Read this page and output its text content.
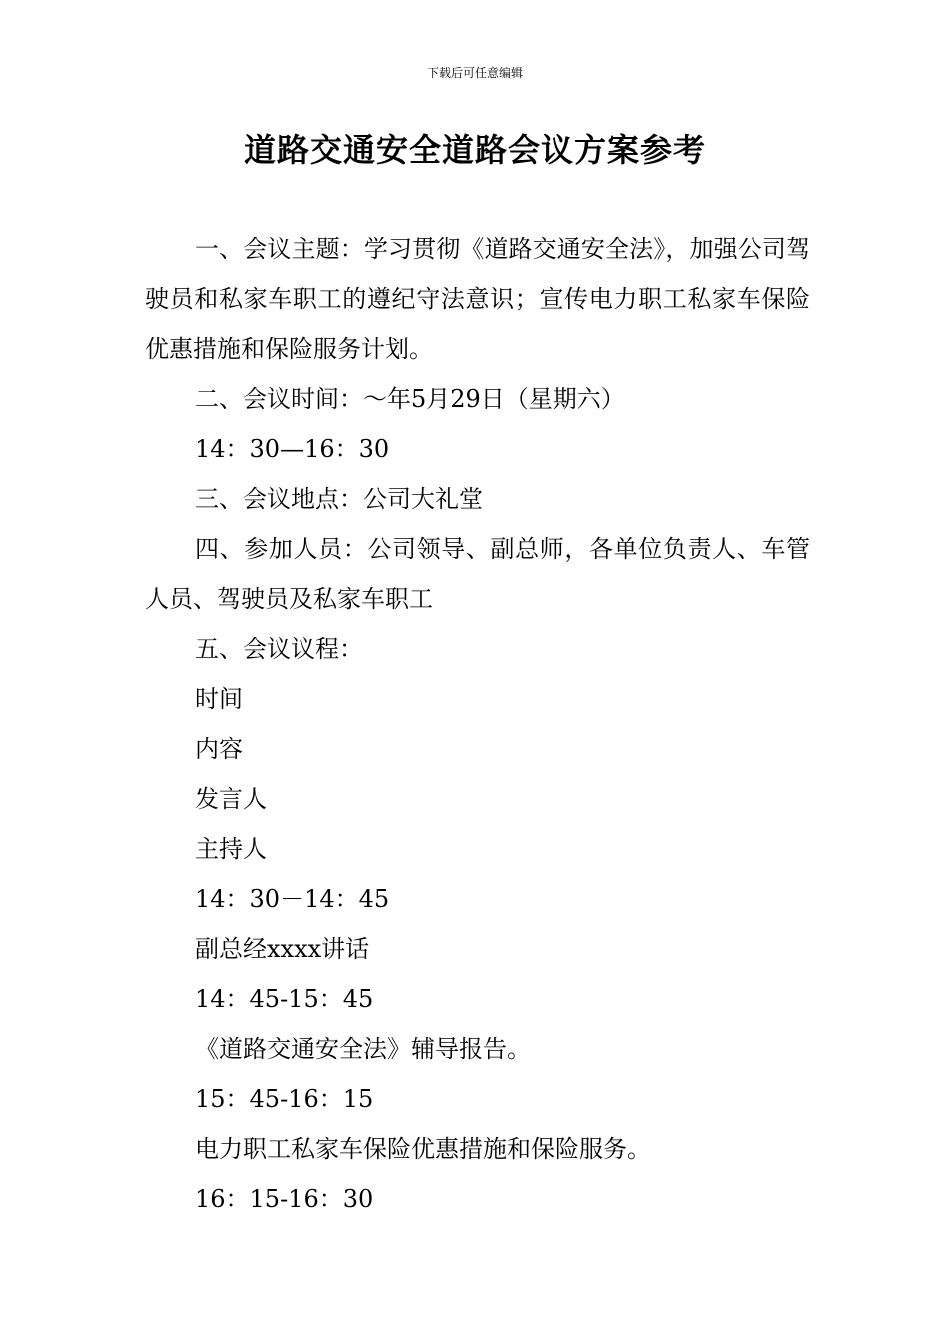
下载后可任意编辑
道路交通安全道路会议方案参考

一、会议主题：学习贯彻《道路交通安全法》，加强公司驾驶员和私家车职工的遵纪守法意识；宣传电力职工私家车保险优惠措施和保险服务计划。

二、会议时间：～年5月29日（星期六）

14：30—16：30

三、会议地点：公司大礼堂

四、参加人员：公司领导、副总师，各单位负责人、车管人员、驾驶员及私家车职工

五、会议议程：

时间

内容

发言人

主持人

14：30－14：45

副总经xxxx讲话

14：45-15：45

《道路交通安全法》辅导报告。

15：45-16：15

电力职工私家车保险优惠措施和保险服务。

16：15-16：30
